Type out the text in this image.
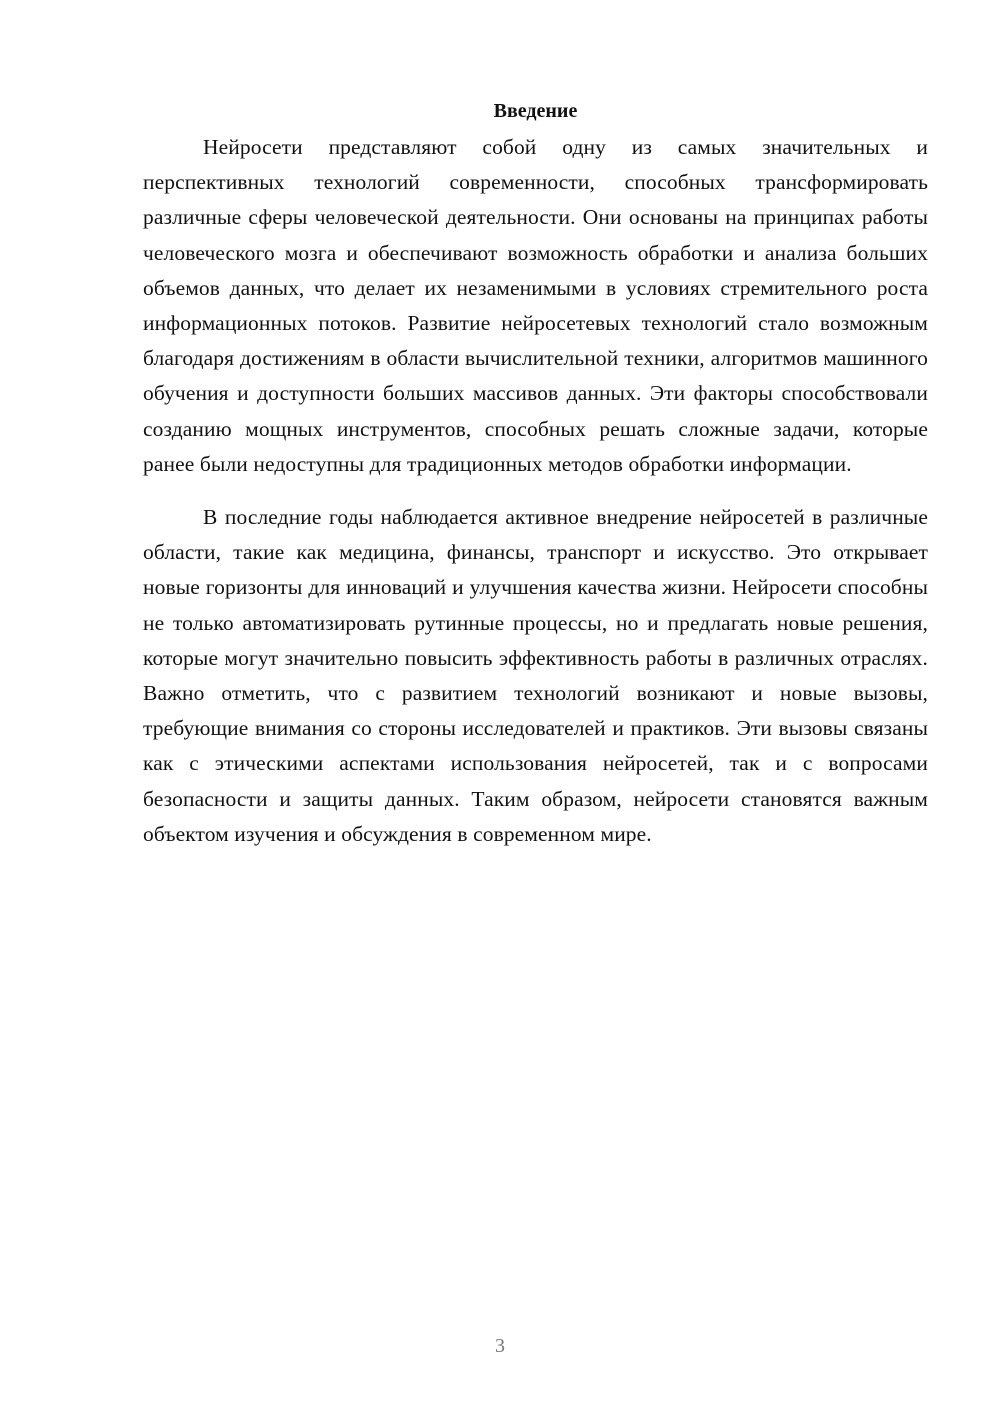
Введение

Нейросети представляют собой одну из самых значительных и перспективных технологий современности, способных трансформировать различные сферы человеческой деятельности. Они основаны на принципах работы человеческого мозга и обеспечивают возможность обработки и анализа больших объемов данных, что делает их незаменимыми в условиях стремительного роста информационных потоков. Развитие нейросетевых технологий стало возможным благодаря достижениям в области вычислительной техники, алгоритмов машинного обучения и доступности больших массивов данных. Эти факторы способствовали созданию мощных инструментов, способных решать сложные задачи, которые ранее были недоступны для традиционных методов обработки информации.

В последние годы наблюдается активное внедрение нейросетей в различные области, такие как медицина, финансы, транспорт и искусство. Это открывает новые горизонты для инноваций и улучшения качества жизни. Нейросети способны не только автоматизировать рутинные процессы, но и предлагать новые решения, которые могут значительно повысить эффективность работы в различных отраслях. Важно отметить, что с развитием технологий возникают и новые вызовы, требующие внимания со стороны исследователей и практиков. Эти вызовы связаны как с этическими аспектами использования нейросетей, так и с вопросами безопасности и защиты данных. Таким образом, нейросети становятся важным объектом изучения и обсуждения в современном мире.

3
